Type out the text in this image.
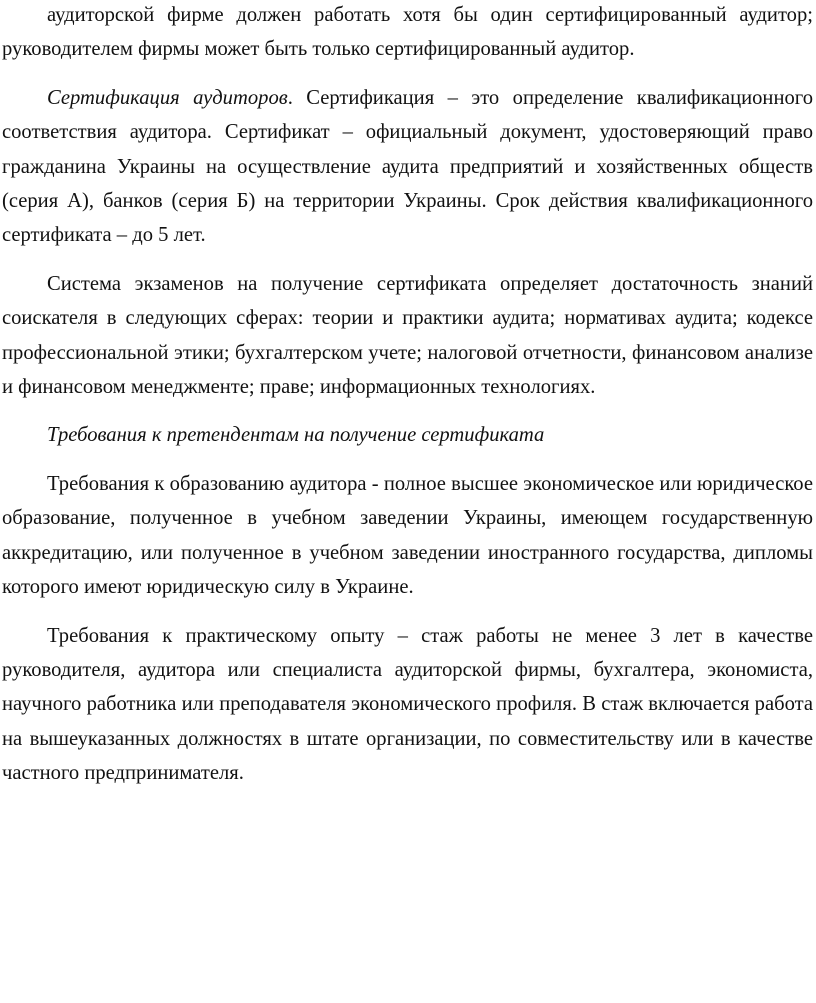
аудиторской фирме должен работать хотя бы один сертифицированный аудитор; руководителем фирмы может быть только сертифицированный аудитор.

Сертификация аудиторов. Сертификация – это определение квалификационного соответствия аудитора. Сертификат – официальный документ, удостоверяющий право гражданина Украины на осуществление аудита предприятий и хозяйственных обществ (серия А), банков (серия Б) на территории Украины. Срок действия квалификационного сертификата – до 5 лет.

Система экзаменов на получение сертификата определяет достаточность знаний соискателя в следующих сферах: теории и практики аудита; нормативах аудита; кодексе профессиональной этики; бухгалтерском учете; налоговой отчетности, финансовом анализе и финансовом менеджменте; праве; информационных технологиях.

Требования к претендентам на получение сертификата

Требования к образованию аудитора - полное высшее экономическое или юридическое образование, полученное в учебном заведении Украины, имеющем государственную аккредитацию, или полученное в учебном заведении иностранного государства, дипломы которого имеют юридическую силу в Украине.

Требования к практическому опыту – стаж работы не менее 3 лет в качестве руководителя, аудитора или специалиста аудиторской фирмы, бухгалтера, экономиста, научного работника или преподавателя экономического профиля. В стаж включается работа на вышеуказанных должностях в штате организации, по совместительству или в качестве частного предпринимателя.
